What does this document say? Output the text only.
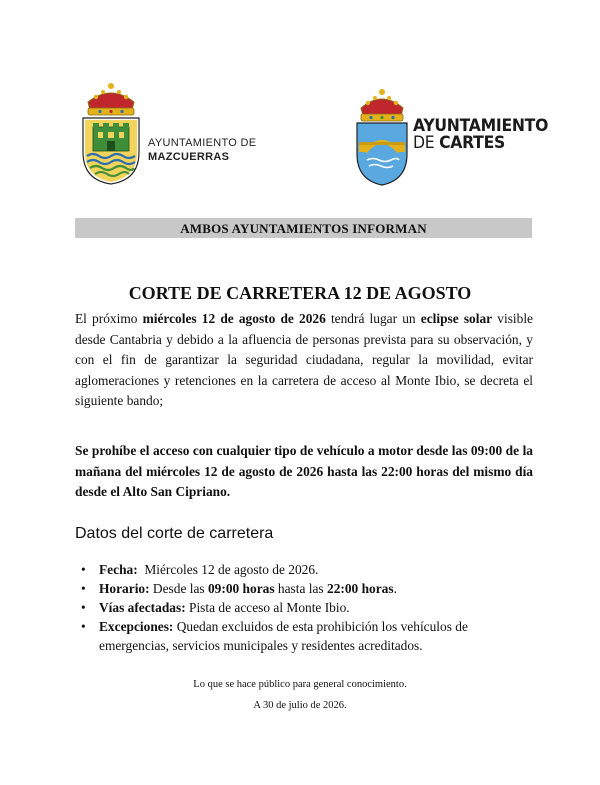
AYUNTAMIENTO DE
MAZCUERRAS
AYUNTAMIENTO
DE CARTES
AMBOS AYUNTAMIENTOS INFORMAN
CORTE DE CARRETERA 12 DE AGOSTO
El próximo miércoles 12 de agosto de 2026 tendrá lugar un eclipse solar visible desde Cantabria y debido a la afluencia de personas prevista para su observación, y con el fin de garantizar la seguridad ciudadana, regular la movilidad, evitar aglomeraciones y retenciones en la carretera de acceso al Monte Ibio, se decreta el siguiente bando;
Se prohíbe el acceso con cualquier tipo de vehículo a motor desde las 09:00 de la mañana del miércoles 12 de agosto de 2026 hasta las 22:00 horas del mismo día desde el Alto San Cipriano.
Datos del corte de carretera
• Fecha:  Miércoles 12 de agosto de 2026.
• Horario: Desde las 09:00 horas hasta las 22:00 horas.
• Vías afectadas: Pista de acceso al Monte Ibio.
• Excepciones: Quedan excluidos de esta prohibición los vehículos de emergencias, servicios municipales y residentes acreditados.
Lo que se hace público para general conocimiento.
A 30 de julio de 2026.
